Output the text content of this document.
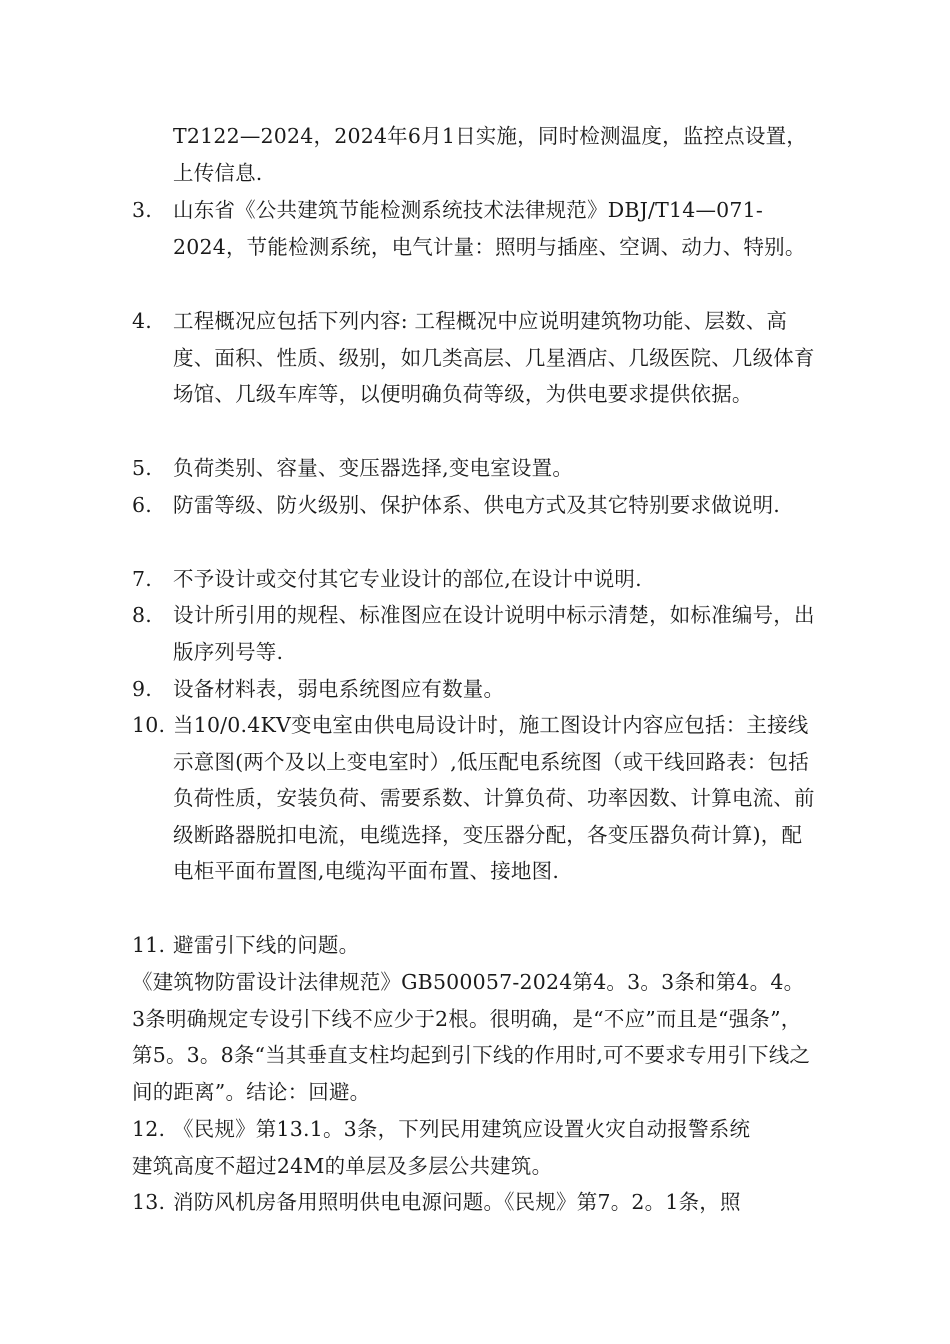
T2122—2024，2024年6月1日实施，同时检测温度，监控点设置，上传信息.
3.	山东省《公共建筑节能检测系统技术法律规范》DBJ/T14—071-2024，节能检测系统，电气计量：照明与插座、空调、动力、特别。
4.	工程概况应包括下列内容: 工程概况中应说明建筑物功能、层数、高度、面积、性质、级别，如几类高层、几星酒店、几级医院、几级体育场馆、几级车库等，以便明确负荷等级，为供电要求提供依据。
5.	负荷类别、容量、变压器选择,变电室设置。
6.	防雷等级、防火级别、保护体系、供电方式及其它特别要求做说明.
7.	不予设计或交付其它专业设计的部位,在设计中说明.
8.	设计所引用的规程、标准图应在设计说明中标示清楚，如标准编号，出版序列号等.
9.	设备材料表，弱电系统图应有数量。
10. 当10/0.4KV变电室由供电局设计时，施工图设计内容应包括：主接线示意图(两个及以上变电室时）,低压配电系统图（或干线回路表：包括负荷性质，安装负荷、需要系数、计算负荷、功率因数、计算电流、前级断路器脱扣电流，电缆选择，变压器分配，各变压器负荷计算)，配电柜平面布置图,电缆沟平面布置、接地图.
11. 避雷引下线的问题。
《建筑物防雷设计法律规范》GB500057-2024第4。3。3条和第4。4。3条明确规定专设引下线不应少于2根。很明确，是“不应”而且是“强条”，第5。3。8条“当其垂直支柱均起到引下线的作用时,可不要求专用引下线之间的距离”。结论：回避。
12. 《民规》第13.1。3条，下列民用建筑应设置火灾自动报警系统
建筑高度不超过24M的单层及多层公共建筑。
13. 消防风机房备用照明供电电源问题。《民规》第7。2。1条，照
